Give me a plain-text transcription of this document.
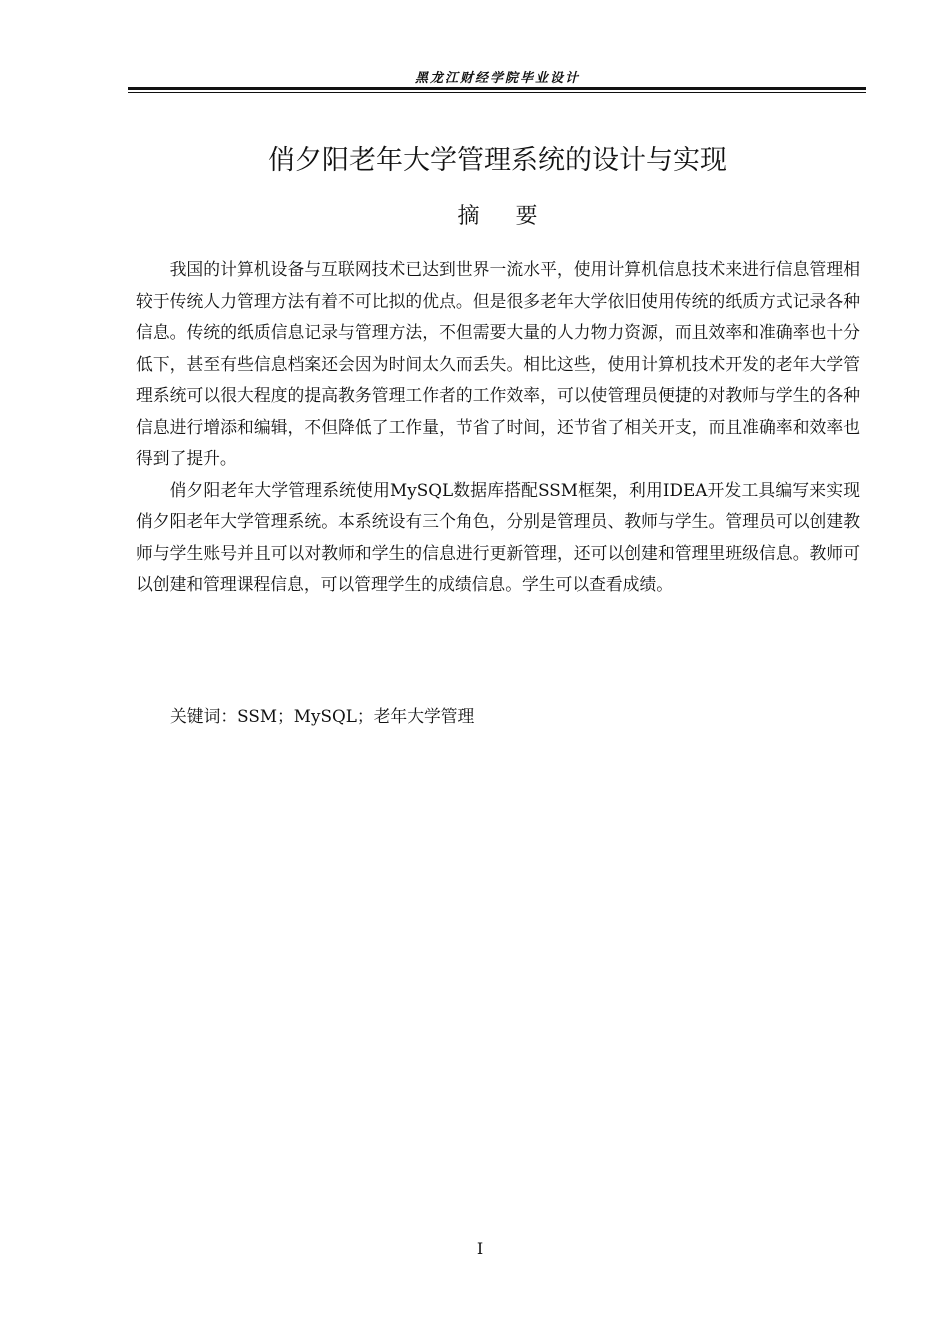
黑龙江财经学院毕业设计
俏夕阳老年大学管理系统的设计与实现
摘要

我国的计算机设备与互联网技术已达到世界一流水平，使用计算机信息技术来进行信息管理相较于传统人力管理方法有着不可比拟的优点。但是很多老年大学依旧使用传统的纸质方式记录各种信息。传统的纸质信息记录与管理方法，不但需要大量的人力物力资源，而且效率和准确率也十分低下，甚至有些信息档案还会因为时间太久而丢失。相比这些，使用计算机技术开发的老年大学管理系统可以很大程度的提高教务管理工作者的工作效率，可以使管理员便捷的对教师与学生的各种信息进行增添和编辑，不但降低了工作量，节省了时间，还节省了相关开支，而且准确率和效率也得到了提升。

俏夕阳老年大学管理系统使用MySQL数据库搭配SSM框架，利用IDEA开发工具编写来实现俏夕阳老年大学管理系统。本系统设有三个角色，分别是管理员、教师与学生。管理员可以创建教师与学生账号并且可以对教师和学生的信息进行更新管理，还可以创建和管理里班级信息。教师可以创建和管理课程信息，可以管理学生的成绩信息。学生可以查看成绩。

关键词：SSM；MySQL；老年大学管理
I
